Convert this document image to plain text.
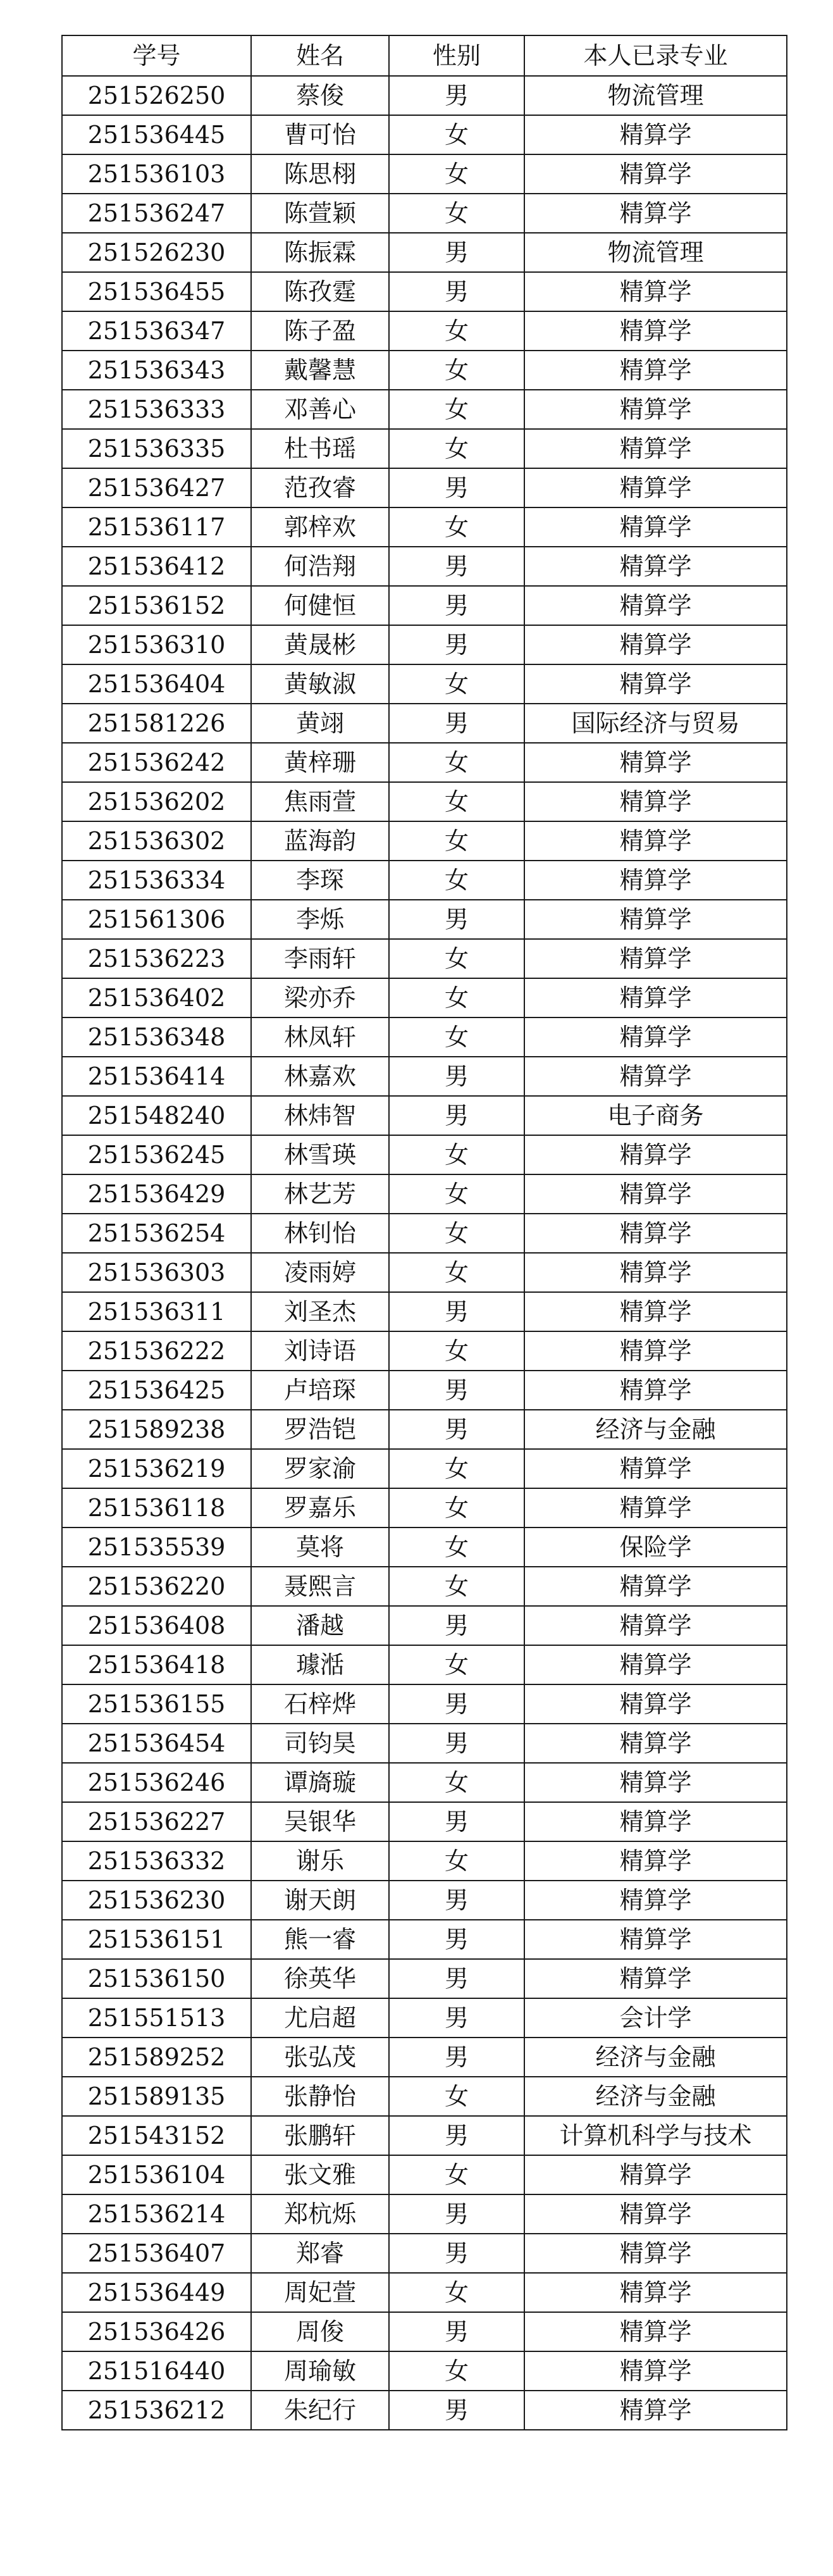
学号	姓名	性别	本人已录专业
251526250	蔡俊	男	物流管理
251536445	曹可怡	女	精算学
251536103	陈思栩	女	精算学
251536247	陈萱颖	女	精算学
251526230	陈振霖	男	物流管理
251536455	陈孜霆	男	精算学
251536347	陈子盈	女	精算学
251536343	戴馨慧	女	精算学
251536333	邓善心	女	精算学
251536335	杜书瑶	女	精算学
251536427	范孜睿	男	精算学
251536117	郭梓欢	女	精算学
251536412	何浩翔	男	精算学
251536152	何健恒	男	精算学
251536310	黄晟彬	男	精算学
251536404	黄敏淑	女	精算学
251581226	黄翊	男	国际经济与贸易
251536242	黄梓珊	女	精算学
251536202	焦雨萱	女	精算学
251536302	蓝海韵	女	精算学
251536334	李琛	女	精算学
251561306	李烁	男	精算学
251536223	李雨轩	女	精算学
251536402	梁亦乔	女	精算学
251536348	林凤轩	女	精算学
251536414	林嘉欢	男	精算学
251548240	林炜智	男	电子商务
251536245	林雪瑛	女	精算学
251536429	林艺芳	女	精算学
251536254	林钊怡	女	精算学
251536303	凌雨婷	女	精算学
251536311	刘圣杰	男	精算学
251536222	刘诗语	女	精算学
251536425	卢培琛	男	精算学
251589238	罗浩铠	男	经济与金融
251536219	罗家渝	女	精算学
251536118	罗嘉乐	女	精算学
251535539	莫将	女	保险学
251536220	聂熙言	女	精算学
251536408	潘越	男	精算学
251536418	璩湉	女	精算学
251536155	石梓烨	男	精算学
251536454	司钧昊	男	精算学
251536246	谭旖璇	女	精算学
251536227	吴银华	男	精算学
251536332	谢乐	女	精算学
251536230	谢天朗	男	精算学
251536151	熊一睿	男	精算学
251536150	徐英华	男	精算学
251551513	尤启超	男	会计学
251589252	张弘茂	男	经济与金融
251589135	张静怡	女	经济与金融
251543152	张鹏轩	男	计算机科学与技术
251536104	张文雅	女	精算学
251536214	郑杭烁	男	精算学
251536407	郑睿	男	精算学
251536449	周妃萱	女	精算学
251536426	周俊	男	精算学
251516440	周瑜敏	女	精算学
251536212	朱纪行	男	精算学
